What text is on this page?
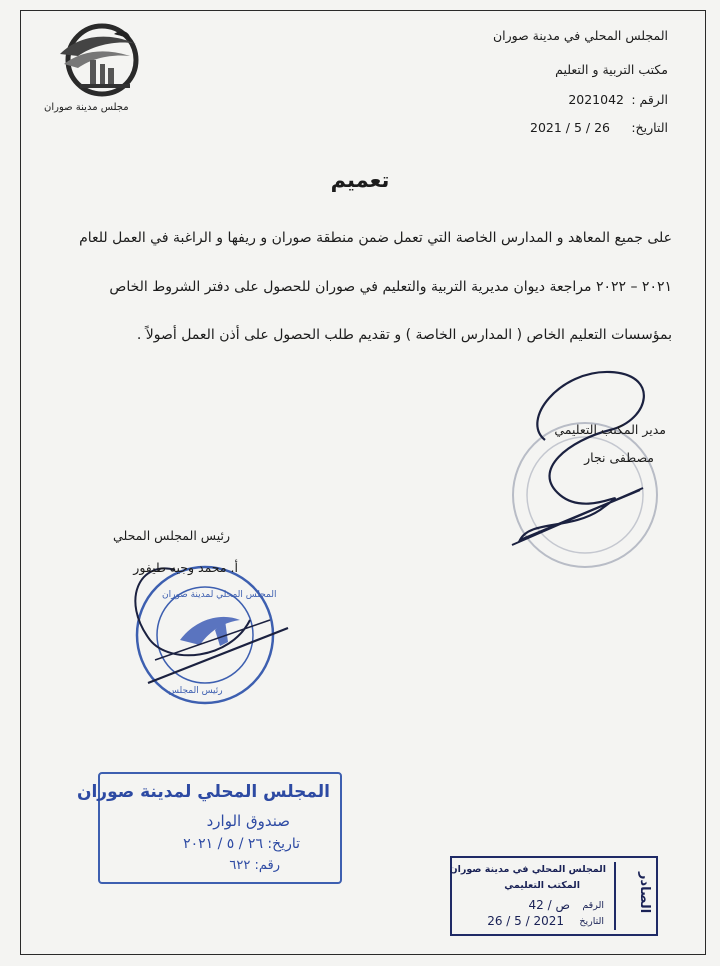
مجلس مدينة صوران
المجلس المحلي في مدينة صوران
مكتب التربية و التعليم
الرقم :
2021042
التاريخ:
2021 / 5 / 26
تعميم
على جميع المعاهد و المدارس الخاصة التي تعمل ضمن منطقة صوران و ريفها و الراغبة في العمل للعام
٢٠٢١ – ٢٠٢٢ مراجعة ديوان مديرية التربية والتعليم في صوران للحصول على دفتر الشروط الخاص
بمؤسسات التعليم الخاص ( المدارس الخاصة ) و تقديم طلب الحصول على أذن العمل أصولاً .
مدير المكتب التعليمي
مصطفى نجار
رئيس المجلس المحلي
أ. محمد وجيه طيفور
المجلس المحلي لمدينة صوران
رئيس المجلس
المجلس المحلي لمدينة صوران
صندوق الوارد
تاريخ: ٢٦ / ٥ / ٢٠٢١
رقم: ٦٢٢
الصادر
المجلس المحلي في مدينة صوران
المكتب التعليمي
الرقم
42 / ص
التاريخ
26 / 5 / 2021
